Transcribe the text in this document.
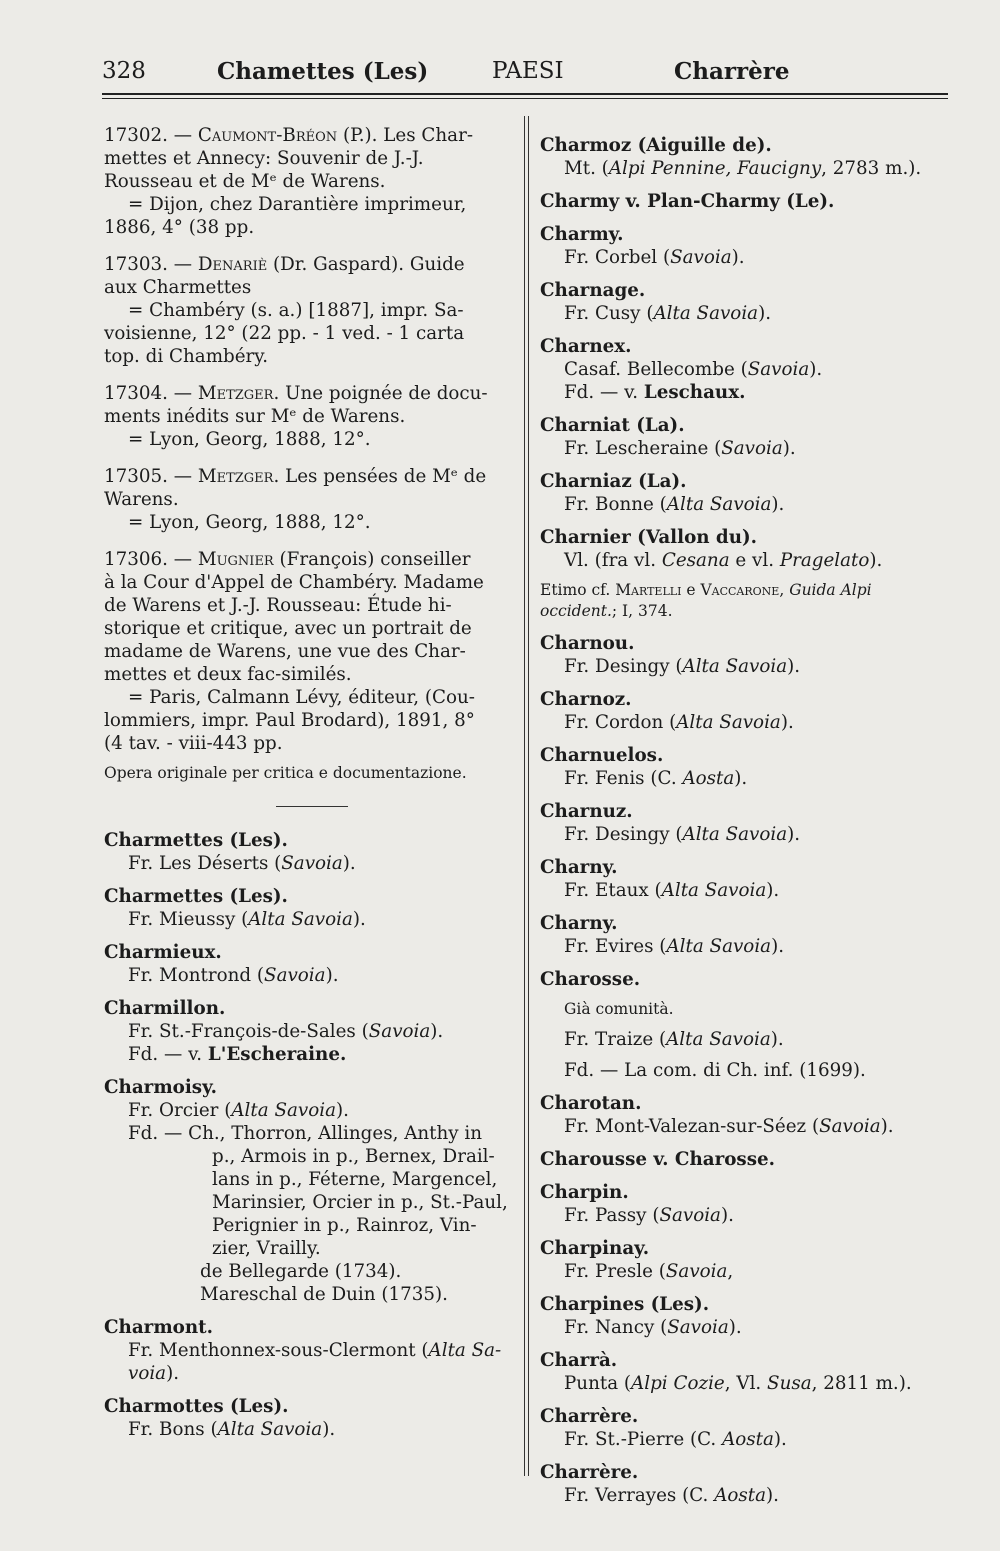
328	Chamettes (Les)	PAESI	Charrère
17302. — Caumont-Bréon (P.). Les Char-
mettes et Annecy: Souvenir de J.-J.
Rousseau et de Mᵉ de Warens.
= Dijon, chez Darantière imprimeur,
1886, 4° (38 pp.
17303. — Denariè (Dr. Gaspard). Guide
aux Charmettes
= Chambéry (s. a.) [1887], impr. Sa-
voisienne, 12° (22 pp. - 1 ved. - 1 carta
top. di Chambéry.
17304. — Metzger. Une poignée de docu-
ments inédits sur Mᵉ de Warens.
= Lyon, Georg, 1888, 12°.
17305. — Metzger. Les pensées de Mᵉ de
Warens.
= Lyon, Georg, 1888, 12°.
17306. — Mugnier (François) conseiller
à la Cour d'Appel de Chambéry. Madame
de Warens et J.-J. Rousseau: Étude hi-
storique et critique, avec un portrait de
madame de Warens, une vue des Char-
mettes et deux fac-similés.
= Paris, Calmann Lévy, éditeur, (Cou-
lommiers, impr. Paul Brodard), 1891, 8°
(4 tav. - viii-443 pp.

Opera originale per critica e documentazione.

Charmettes (Les).

Fr. Les Déserts (Savoia).

Charmettes (Les).

Fr. Mieussy (Alta Savoia).

Charmieux.

Fr. Montrond (Savoia).

Charmillon.

Fr. St.-François-de-Sales (Savoia).

Fd. — v. L'Escheraine.

Charmoisy.

Fr. Orcier (Alta Savoia).

Fd. — Ch., Thorron, Allinges, Anthy in

p., Armois in p., Bernex, Drail-

lans in p., Féterne, Margencel,

Marinsier, Orcier in p., St.-Paul,

Perignier in p., Rainroz, Vin-

zier, Vrailly.

de Bellegarde (1734).

Mareschal de Duin (1735).

Charmont.

Fr. Menthonnex-sous-Clermont (Alta Sa-

voia).

Charmottes (Les).

Fr. Bons (Alta Savoia).

Charmoz (Aiguille de).

Mt. (Alpi Pennine, Faucigny, 2783 m.).

Charmy v. Plan-Charmy (Le).

Charmy.

Fr. Corbel (Savoia).

Charnage.

Fr. Cusy (Alta Savoia).

Charnex.

Casaf. Bellecombe (Savoia).

Fd. — v. Leschaux.

Charniat (La).

Fr. Lescheraine (Savoia).

Charniaz (La).

Fr. Bonne (Alta Savoia).

Charnier (Vallon du).

Vl. (fra vl. Cesana e vl. Pragelato).

Etimo cf. Martelli e Vaccarone, Guida Alpi occident.; I, 374.

Charnou.

Fr. Desingy (Alta Savoia).

Charnoz.

Fr. Cordon (Alta Savoia).

Charnuelos.

Fr. Fenis (C. Aosta).

Charnuz.

Fr. Desingy (Alta Savoia).

Charny.

Fr. Etaux (Alta Savoia).

Charny.

Fr. Evires (Alta Savoia).

Charosse.

Già comunità.

Fr. Traize (Alta Savoia).

Fd. — La com. di Ch. inf. (1699).

Charotan.

Fr. Mont-Valezan-sur-Séez (Savoia).

Charousse v. Charosse.

Charpin.

Fr. Passy (Savoia).

Charpinay.

Fr. Presle (Savoia,

Charpines (Les).

Fr. Nancy (Savoia).

Charrà.

Punta (Alpi Cozie, Vl. Susa, 2811 m.).

Charrère.

Fr. St.-Pierre (C. Aosta).

Charrère.

Fr. Verrayes (C. Aosta).
